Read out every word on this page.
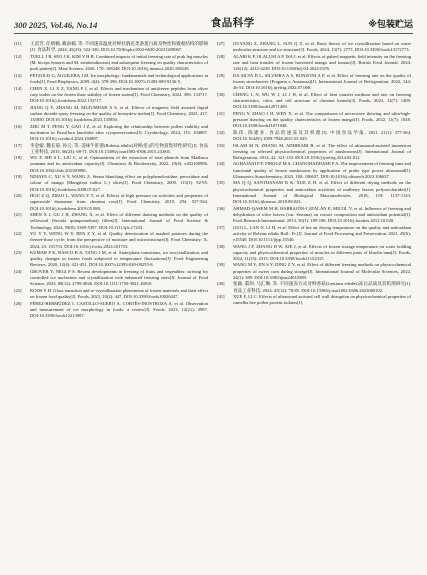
300 2025, Vol.46, No.14	食品科学	※包装贮运
[11]	王雷芳, 任婧楠, 戴南楠, 等. 不同速冻温度对鲜杜鹃花类条蛋白质及物性和微观结构的影响[J]. 食品科学, 2024, 45(23): 322-330. DOI:10.7506/spkx1002-6630-20231209067.
[12]	TUELL J R, SEO J K, KIM Y H B. Combined impacts of initial freezing rate of pork leg muscles (M. biceps femoris and M. semitendinosus) and subsequent freezing on quality characteristics of pork patties[J]. Meat Science, 2020, 170: 108248. DOI:10.1016/j.meatsci.2020.108248.
[13]	PETZOLD G, AGUILERA J M. Ice morphology: fundamentals and technological applications in foods[J]. Food Biophysics, 2009, 4(4): 378-396. DOI:10.1007/s11483-009-9136-5.
[14]	CHEN X, LI X Z, YANG F J, et al. Effects and mechanism of antifreeze peptides from silver carp scales on the frozen thaw stability of frozen surimi[J]. Food Chemistry, 2022, 396: 133717. DOI:10.1016/j.foodchem.2022.133717.
[15]	JIANG Q Y, ZHANG M, MUJUMDAR A S, et al. Effects of magnetic field assisted liquid carbon dioxide spray freezing on the quality of honeydew melon[J]. Food Chemistry, 2023, 417: 135850. DOI:10.1016/j.foodchem.2023.135850.
[16]	ZHU M T, PENG Y, GAO J Z, et al. Exploring the relationship between pollen viability and nucleation in Passiflora laurifolia after cryopreservation[J]. Cryobiology, 2024, 115: 104887. DOI:10.1016/j.cryobiol.2024.104887.
[17]	李金媛, 魏长菊, 孙云, 等. 美味牛肝菌(Boletus edulis)对鲜(肛)的生物富集特性研究[J]. 食品工业科技, 2015, 36(23): 68-71. DOI:10.13386/j.issn1002-0306.2015.23.005.
[18]	WU F, SHI S L, LIU C, et al. Optimization of the extraction of total phenols from Madhuca yunnana and its antioxidant capacity[J]. Chemistry & Biodiversity, 2022, 19(4): e202100996. DOI:10.1002/cbdv.202100996.
[19]	NDIAYE C, XU S Y, WANG Z. Steam blanching effect on polyphenoloxidase, peroxidase and colour of mango (Mangifera indica L.) slices[J]. Food Chemistry, 2009, 113(1): 92-95. DOI:10.1016/j.foodchem.2008.07.027.
[20]	HOU Z Q, ZHAO L, WANG Y T, et al. Effects of high pressure on activities and properties of superoxide dismutase from chestnut rose[J]. Food Chemistry, 2019, 294: 557-564. DOI:10.1016/j.foodchem.2019.05.080.
[21]	SHEN X J, GU J H, ZHANG X, et al. Effect of different thawing methods on the quality of yellowtail (Seriola quinqueradiata) fillets[J]. International Journal of Food Science & Technology, 2024, 59(8): 5369-5397. DOI:10.1111/ijfs.17233.
[22]	YU Y Y, WENG W Y, REN Z Y, et al. Quality deterioration of mashed potatoes during the freezer-thaw cycle: from the perspective of moisture and microstructure[J]. Food Chemistry: X, 2024, 23: 101753. DOI:10.1016/j.fochx.2024.101753.
[23]	KUMAR P K, RASCO B A, TANG J M, et al. State/phase transitions, ice recrystallization, and quality changes in frozen foods subjected to temperature fluctuations[J]. Food Engineering Reviews, 2020, 12(4): 421-451. DOI:10.1007/s12393-020-09255-8.
[24]	GROVER Y, NEGI P S. Recent developments in freezing of fruits and vegetables: striving for controlled ice nucleation and crystallization with enhanced freezing rates[J]. Journal of Food Science, 2023, 88(12): 4799-4826. DOI:10.1111/1750-3841.16810.
[25]	KOOS Y H. Glass transition and re-crystallization phenomena of frozen materials and their effect on frozen food quality[J]. Foods, 2021, 10(2): 447. DOI:10.3390/foods10020447.
[26]	PÉREZ-BERMÚDEZ I, CASTILLO-SUERO A, CORTÉS-INOSTROZA A, et al. Observation and measurement of ice morphology in foods: a review[J]. Foods, 2023, 12(21): 3987. DOI:10.3390/foods12213987.
[27]	OUYANG Z, ZHANG L, SUN Q X, et al. Basic theory of ice crystallization based on water molecular structure and ice structure[J]. Foods, 2024, 13(7): 2773. DOI:10.3390/foods13172773.
[28]	ALABI K P, OLALUSI A P, ISA J, et al. Effects of pulsed magnetic field intensity on the freezing rate and heat transfer of frozen harvested mango and tomato[J]. British Food Journal, 2024, 126(12): 4212-4220. DOI:10.1108/bfj-04-2024-0376.
[29]	DA SILVA D L, SILVEIRA A S, BONZONI A P, et al. Effect of freezing rate on the quality of frozen strawberries (Fragaria x Ananassa)[J]. International Journal of Refrigeration, 2022, 144: 46-54. DOI:10.1016/j.ijrefrig.2022.07.006.
[30]	CHENG L N, WU W J, LI J H, et al. Effect of heat transfer medium and rate on freezing characteristics, color, and cell structure of chestnut kernels[J]. Foods, 2023, 12(7): 1409. DOI:10.3390/foods12071409.
[31]	PENG Y, ZHAO J H, WEN X, et al. The comparisons of microwave thawing and ultra-high-pressure thawing on the quality characteristics of frozen mango[J]. Foods, 2022, 11(7): 1048. DOI:10.3390/foods11071048.
[32]	陈伟, 陈建业. 食品的速冻及其机理[J]. 中国食品学报, 2021, 21(1): 377-384. DOI:10.16429/j.1009-7848.2021.01.045.
[33]	ISLAM M N, ZHANG M, ADHIKARI B, et al. The effect of ultrasound-assisted immersion freezing on selected physicochemical properties of mushrooms[J]. International Journal of Refrigeration, 2014, 42: 121-133. DOI:10.1016/j.ijrefrig.2014.02.012.
[34]	AGHAJANI P F, FIROUZ M S, CHANGHADDAMI P A. The improvement of freezing time and functional quality of frozen mushrooms by application of probe type power ultrasound[J]. Ultrasonics Sonochemistry, 2023, 100: 106637. DOI:10.1016/j.ultsonch.2023.106637.
[35]	MA Q Q, SANTHANAM R K, XUE Z H, et al. Effect of different drying methods on the physicochemical properties and antioxidant activities of mulberry leaves polysaccharides[J]. International Journal of Biological Macromolecules, 2018, 119: 1137-1143. DOI:10.1016/j.ijbiomac.2018.08.023.
[36]	AHMAD-QASEM M H, BARRAJÓN-CATALÁN E, MICOL V, et al. Influence of freezing and dehydration of olive leaves (var. Serrana) on extract composition and antioxidant potential[J]. Food Research International, 2013, 50(1): 189-196. DOI:10.1016/j.foodres.2012.10.028.
[37]	GUO L, LAN N, LI H, et al. Effect of hot air drying temperature on the quality and antioxidant activity of Boletus edulis Bull.: Fr.[J]. Journal of Food Processing and Preservation, 2021, 45(6): e15540. DOI:10.1111/jfpp.15540.
[38]	WANG J F, ZHANG H W, XIE J, et al. Effects of frozen storage temperature on water holding capacity and physicochemical properties of muscles in different parts of bluefin tuna[J]. Foods, 2022, 11(15): 2315. DOI:10.3390/foods11152315.
[39]	WANG M Y, JIN S Y, DING Z Y, et al. Effect of different freezing methods on physicochemical properties of sweet corn during storage[J]. International Journal of Molecular Sciences, 2022, 24(1): 389. DOI:10.3390/ijms24010389.
[40]	张颖, 董珂, 马汇琳, 等. 不同速冻方式对鲜香菇(Lentinus edodes)冻后品质及其机理研究[J]. 食品工业科技, 2024, 45(12): 78-85. DOI:10.13386/j.issn1002-0306.2023060102.
[41]	XUE F, LI C. Effects of ultrasound assisted cell wall disruption on physicochemical properties of camellia bee pollen protein isolates[J].
